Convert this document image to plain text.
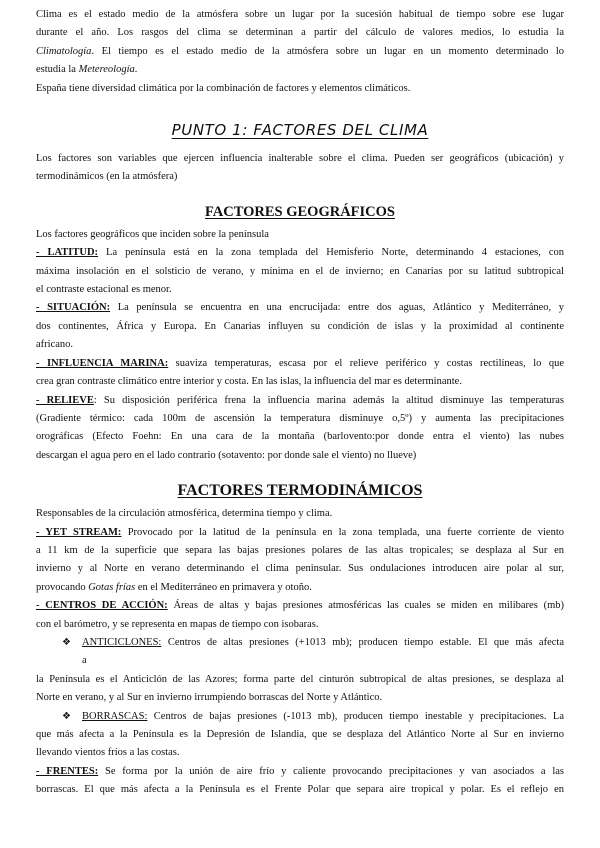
Clima es el estado medio de la atmósfera sobre un lugar por la sucesión habitual de tiempo sobre ese lugar

durante el año. Los rasgos del clima se determinan a partir del cálculo de valores medios, lo estudia la

Climatología. El tiempo es el estado medio de la atmósfera sobre un lugar en un momento determinado lo

estudia la Metereología.

España tiene diversidad climática por la combinación de factores y elementos climáticos.

PUNTO 1: FACTORES DEL CLIMA

Los factores son variables que ejercen influencia inalterable sobre el clima. Pueden ser geográficos (ubicación) y

termodinámicos (en la atmósfera)

FACTORES GEOGRÁFICOS

Los factores geográficos que inciden sobre la península

- LATITUD: La península está en la zona templada del Hemisferio Norte, determinando 4 estaciones, con

máxima insolación en el solsticio de verano, y mínima en el de invierno; en Canarias por su latitud subtropical

el contraste estacional es menor.

- SITUACIÓN: La península se encuentra en una encrucijada: entre dos aguas, Atlántico y Mediterráneo, y

dos continentes, África y Europa. En Canarias influyen su condición de islas y la proximidad al continente

africano.

- INFLUENCIA MARINA: suaviza temperaturas, escasa por el relieve periférico y costas rectilíneas, lo que

crea gran contraste climático entre interior y costa. En las islas, la influencia del mar es determinante.

- RELIEVE: Su disposición periférica frena la influencia marina además la altitud disminuye las temperaturas

(Gradiente térmico: cada 100m de ascensión la temperatura disminuye o,5º) y aumenta las precipitaciones

orográficas (Efecto Foehn: En una cara de la montaña (barlovento:por donde entra el viento) las nubes

descargan el agua pero en el lado contrario (sotavento: por donde sale el viento) no llueve)

FACTORES TERMODINÁMICOS

Responsables de la circulación atmosférica, determina tiempo y clima.

- YET STREAM: Provocado por la latitud de la península en la zona templada, una fuerte corriente de viento

a 11 km de la superficie que separa las bajas presiones polares de las altas tropicales; se desplaza al Sur en

invierno y al Norte en verano determinando el clima peninsular. Sus ondulaciones introducen aire polar al sur,

provocando Gotas frías en el Mediterráneo en primavera y otoño.

- CENTROS DE ACCIÓN: Áreas de altas y bajas presiones atmosféricas las cuales se miden en milibares (mb)

con el barómetro, y se representa en mapas de tiempo con isobaras.

❖ ANTICICLONES: Centros de altas presiones (+1013 mb); producen tiempo estable. El que más afecta

a

la Península es el Anticiclón de las Azores; forma parte del cinturón subtropical de altas presiones, se desplaza al

Norte en verano, y al Sur en invierno irrumpiendo borrascas del Norte y Atlántico.

❖ BORRASCAS: Centros de bajas presiones (-1013 mb), producen tiempo inestable y precipitaciones. La

que más afecta a la Península es la Depresión de Islandia, que se desplaza del Atlántico Norte al Sur en invierno

llevando vientos fríos a las costas.

- FRENTES: Se forma por la unión de aire frío y caliente provocando precipitaciones y van asociados a las

borrascas. El que más afecta a la Península es el Frente Polar que separa aire tropical y polar. Es el reflejo en
